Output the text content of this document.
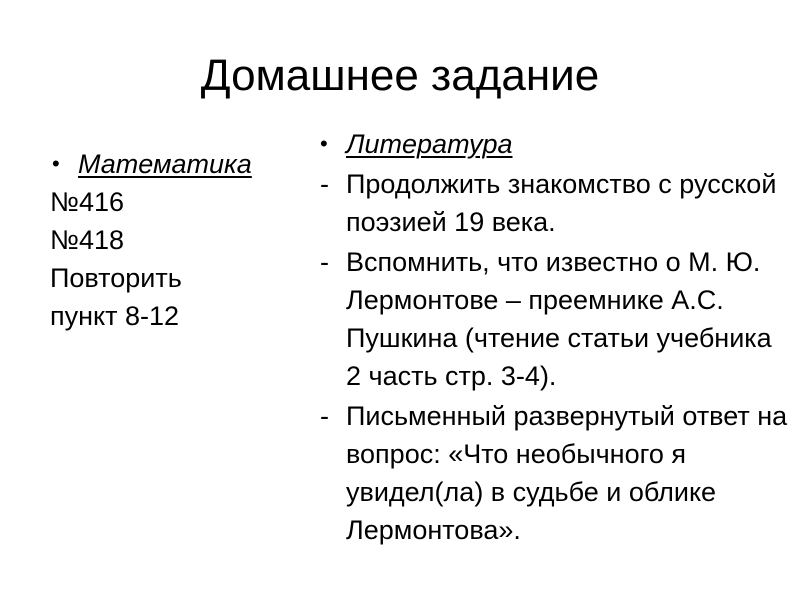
Домашнее задание
• Математика

№416

№418

Повторить

пункт 8-12

• Литература
- Продолжить знакомство с русской поэзией 19 века.
- Вспомнить, что известно о М. Ю. Лермонтове – преемнике А.С. Пушкина (чтение статьи учебника 2 часть стр. 3-4).
- Письменный развернутый ответ на вопрос: «Что необычного я увидел(ла) в судьбе и облике Лермонтова».
